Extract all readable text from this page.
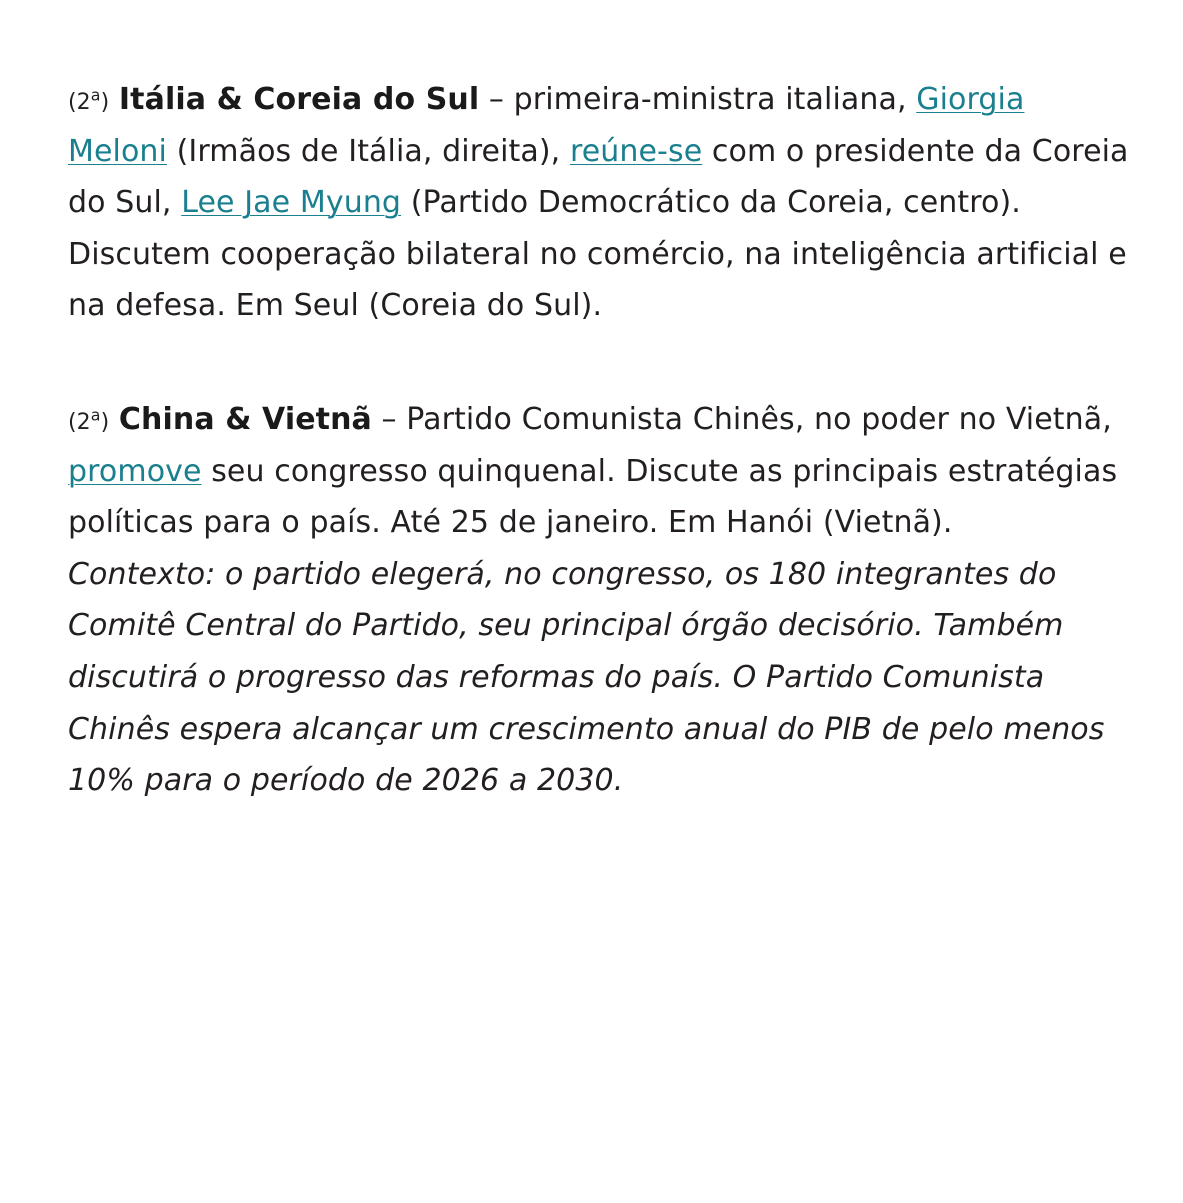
(2$^a$) Itália & Coreia do Sul – primeira-ministra italiana, Giorgia Meloni (Irmãos de Itália, direita), reúne-se com o presidente da Coreia do Sul, Lee Jae Myung (Partido Democrático da Coreia, centro). Discutem cooperação bilateral no comércio, na inteligência artificial e na defesa. Em Seul (Coreia do Sul).

(2$^a$) China & Vietnã – Partido Comunista Chinês, no poder no Vietnã, promove seu congresso quinquenal. Discute as principais estratégias políticas para o país. Até 25 de janeiro. Em Hanói (Vietnã).
Contexto: o partido elegerá, no congresso, os 180 integrantes do Comitê Central do Partido, seu principal órgão decisório. Também discutirá o progresso das reformas do país. O Partido Comunista Chinês espera alcançar um crescimento anual do PIB de pelo menos 10% para o período de 2026 a 2030.
